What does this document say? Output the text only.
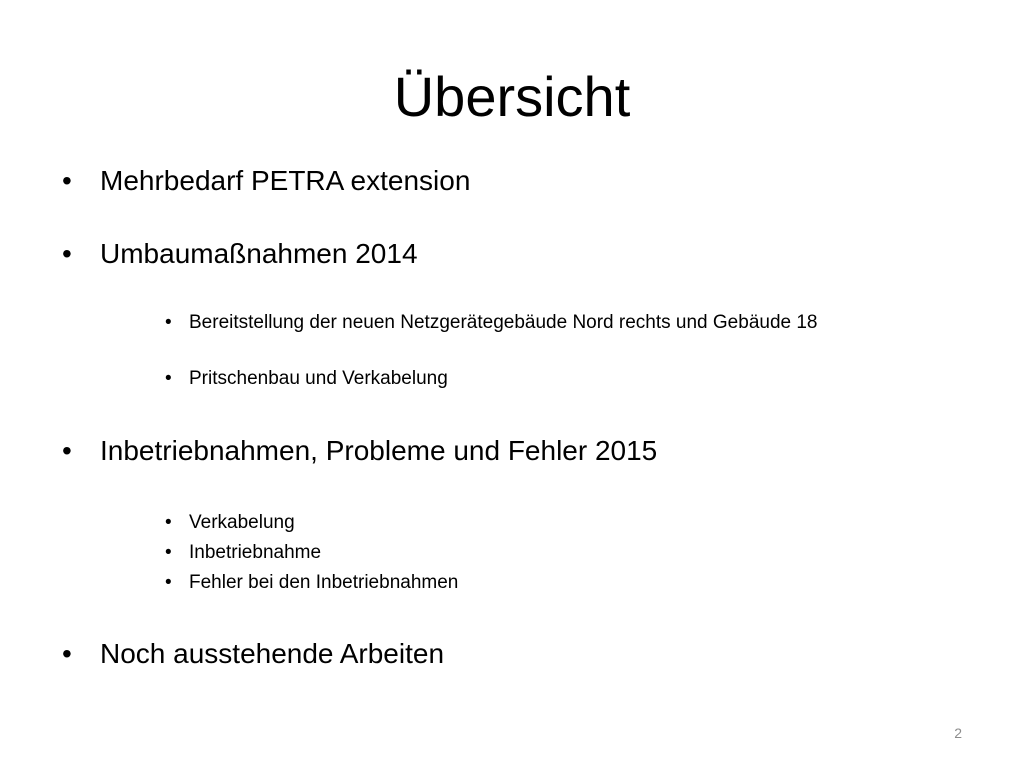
Übersicht
•	Mehrbedarf PETRA extension
•	Umbaumaßnahmen 2014
• Bereitstellung der neuen Netzgerätegebäude Nord rechts und Gebäude 18
• Pritschenbau und Verkabelung
•	Inbetriebnahmen, Probleme und Fehler 2015
• Verkabelung
• Inbetriebnahme
• Fehler bei den Inbetriebnahmen
•	Noch ausstehende Arbeiten
2
